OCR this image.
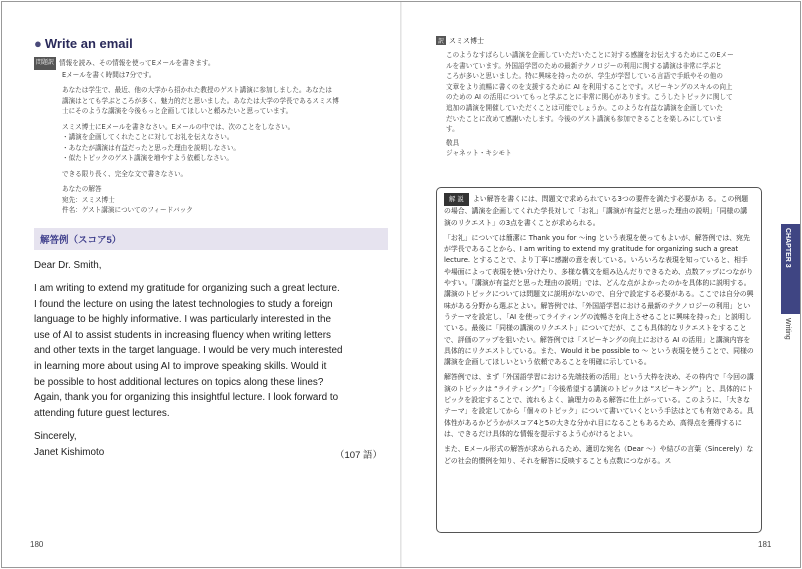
● Write an email

問題訳 情報を読み、その情報を使ってEメールを書きます。

Eメールを書く時間は7分です。

あなたは学生で、最近、他の大学から招かれた教授のゲスト講演に参加しました。あなたは

講演はとても学ぶところが多く、魅力的だと思いました。あなたは大学の学長であるスミス博

士にそのような講演を今後もっと企画してほしいと頼みたいと思っています。

スミス博士にEメールを書きなさい。Eメールの中では、次のことをしなさい。

・講演を企画してくれたことに対してお礼を伝えなさい。

・あなたが講演は有益だったと思った理由を説明しなさい。

・似たトピックのゲスト講演を増やすよう依頼しなさい。

できる限り長く、完全な文で書きなさい。

あなたの解答

宛先：スミス博士

件名：ゲスト講演についてのフィードバック

解答例（スコア5）

Dear Dr. Smith,

I am writing to extend my gratitude for organizing such a great lecture.

I found the lecture on using the latest technologies to study a foreign

language to be highly informative. I was particularly interested in the

use of AI to assist students in increasing fluency when writing letters

and other texts in the target language. I would be very much interested

in learning more about using AI to improve speaking skills. Would it

be possible to host additional lectures on topics along these lines?

Again, thank you for organizing this insightful lecture. I look forward to

attending future guest lectures.

Sincerely,

Janet Kishimoto	（107 語）
180
訳 スミス博士

このようなすばらしい講演を企画していただいたことに対する感謝をお伝えするためにこのEメー

ルを書いています。外国語学習のための最新テクノロジーの利用に関する講演は非常に学ぶと

ころが多いと思いました。特に興味を持ったのが、学生が学習している言語で手紙やその他の

文章をより流暢に書くのを支援するために AI を利用することです。スピーキングのスキルの向上

のための AI の活用についてもっと学ぶことに非常に関心があります。こうしたトピックに関して

追加の講演を開催していただくことは可能でしょうか。このような有益な講演を企画していた

だいたことに改めて感謝いたします。今後のゲスト講演も参加できることを楽しみにしていま

す。

敬具

ジャネット・キシモト

解 説 よい解答を書くには、問題文で求められている3つの要件を満たす必要があ る。この例題の場合、講演を企画してくれた学長対して「お礼」「講演が有益だと思った理由の説明」「同様の講演のリクエスト」の3点を書くことが求められる。

「お礼」については簡潔に Thank you for ～ing という表現を使ってもよいが、解答例では、宛先が学長であることから、I am writing to extend my gratitude for organizing such a great lecture. とすることで、より丁寧に感謝の意を表している。いろいろな表現を知っていると、相手や場面によって表現を使い分けたり、多様な構文を組み込んだりできるため、点数アップにつながりやすい。「講演が有益だと思った理由の説明」では、どんな点がよかったのかを具体的に説明する。講演のトピックについては問題文に説明がないので、自分で設定する必要がある。ここでは自分の興味がある分野から選ぶとよい。解答例では、「外国語学習における最新のテクノロジーの利用」というテーマを設定し、「AI を使ってライティングの流暢さを向上させることに興味を持った」と説明している。最後に「同様の講演のリクエスト」についてだが、ここも具体的なリクエストをすることで、評価のアップを狙いたい。解答例では「スピーキングの向上における AI の活用」と講演内容を具体的にリクエストしている。また、Would it be possible to ～ という表現を使うことで、同様の講演を企画してほしいという依頼であることを明確に示している。

解答例では、まず「外国語学習における先端技術の活用」という大枠を決め、その枠内で「今回の講演のトピックは “ライティング”」「今後希望する講演のトピックは “スピーキング”」と、具体的にトピックを設定することで、流れもよく、論理力のある解答に仕上がっている。このように、「大きなテーマ」を設定してから「個々のトピック」について書いていくという手法はとても有効である。具体性があるかどうかがスコア4と5の大きな分かれ目になることもあるため、高得点を獲得するには、できるだけ具体的な情報を提示するよう心がけるとよい。

また、Eメール形式の解答が求められるため、適切な宛名（Dear ～）や結びの言葉（Sincerely）などの社会的慣例を知り、それを解答に反映することも点数につながる。ス

CHAPTER 3
Writing
181
